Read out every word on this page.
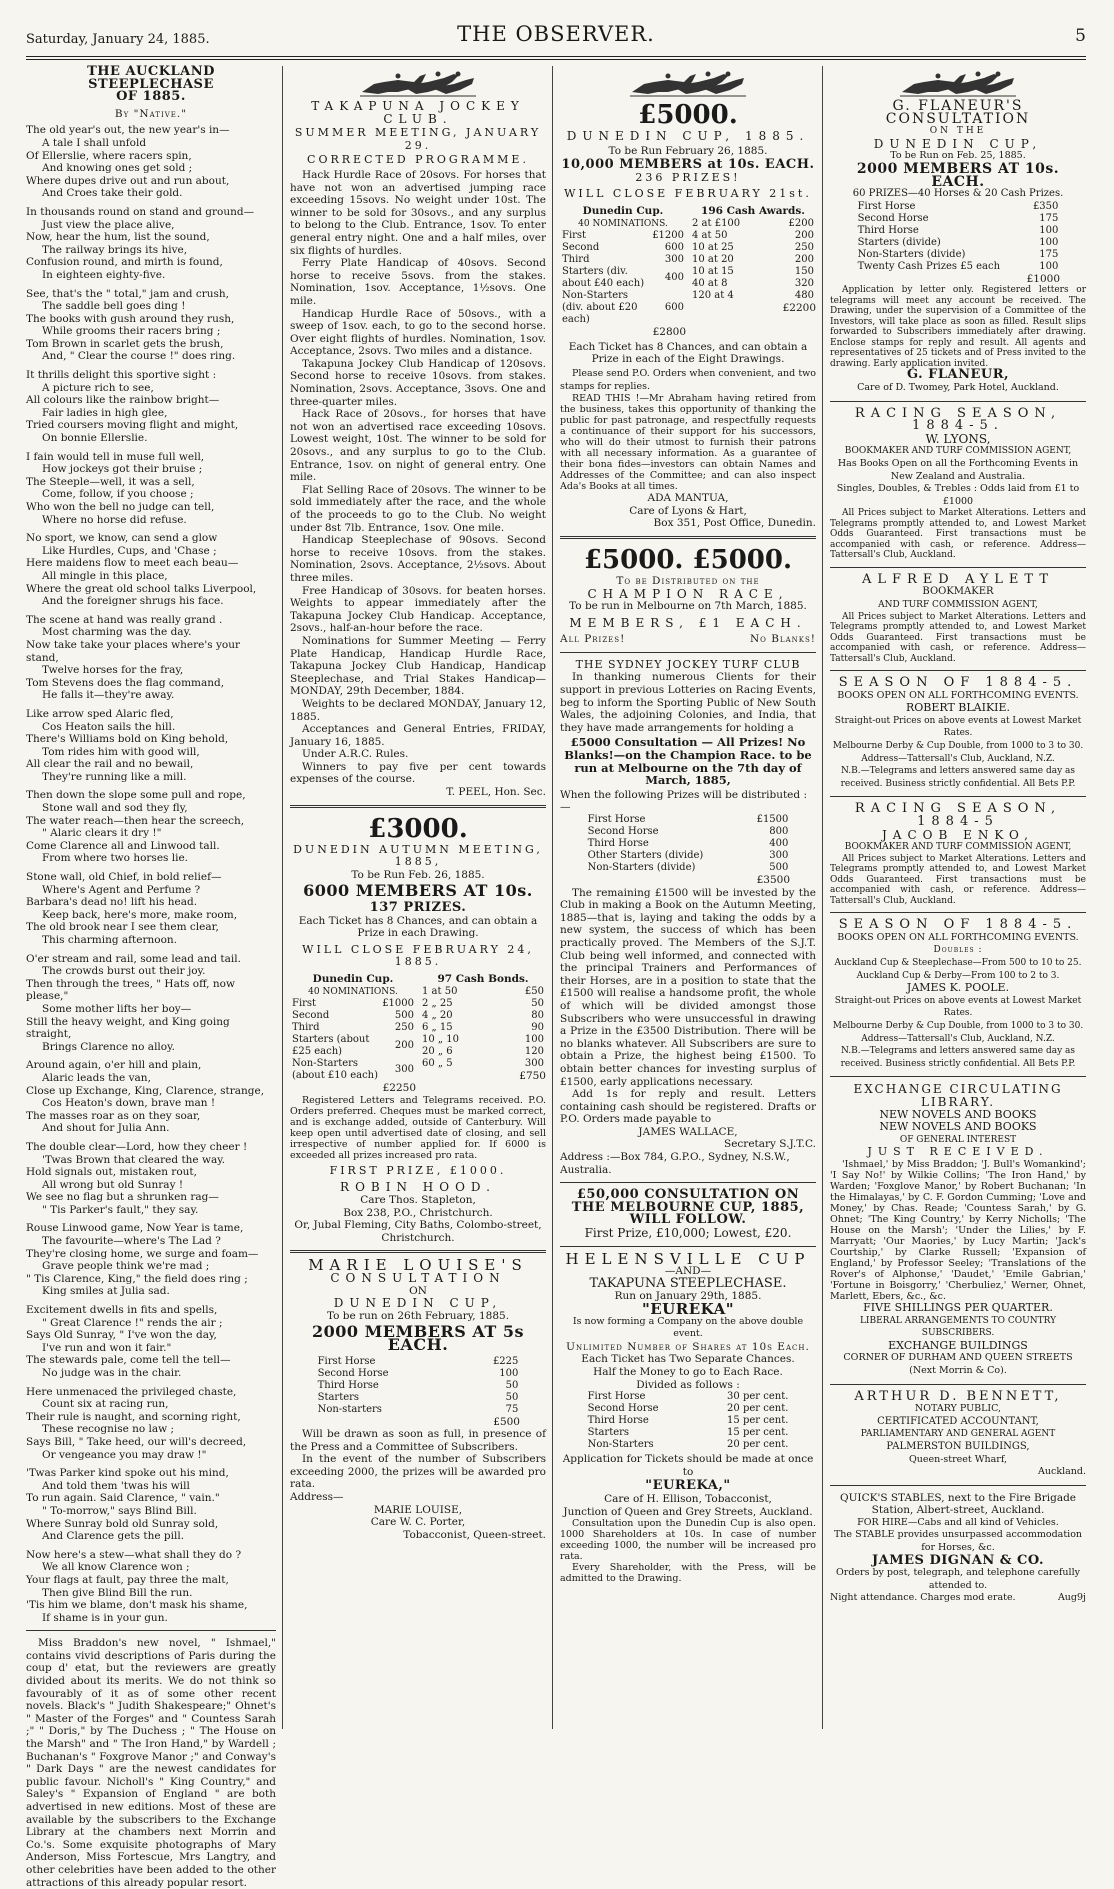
Saturday, January 24, 1885.	THE OBSERVER.	5
THE AUCKLAND STEEPLECHASE
OF 1885.
By "Native."

The old year's out, the new year's in—

A tale I shall unfold

Of Ellerslie, where racers spin,

And knowing ones get sold ;

Where dupes drive out and run about,

And Croes take their gold.

In thousands round on stand and ground—

Just view the place alive,

Now, hear the hum, list the sound,

The railway brings its hive,

Confusion round, and mirth is found,

In eighteen eighty-five.

See, that's the " total," jam and crush,

The saddle bell goes ding !

The books with gush around they rush,

While grooms their racers bring ;

Tom Brown in scarlet gets the brush,

And, " Clear the course !" does ring.

It thrills delight this sportive sight :

A picture rich to see,

All colours like the rainbow bright—

Fair ladies in high glee,

Tried coursers moving flight and might,

On bonnie Ellerslie.

I fain would tell in muse full well,

How jockeys got their bruise ;

The Steeple—well, it was a sell,

Come, follow, if you choose ;

Who won the bell no judge can tell,

Where no horse did refuse.

No sport, we know, can send a glow

Like Hurdles, Cups, and 'Chase ;

Here maidens flow to meet each beau—

All mingle in this place,

Where the great old school talks Liverpool,

And the foreigner shrugs his face.

The scene at hand was really grand .

Most charming was the day.

Now take take your places where's your stand,

Twelve horses for the fray,

Tom Stevens does the flag command,

He falls it—they're away.

Like arrow sped Alaric fled,

Cos Heaton sails the hill.

There's Williams bold on King behold,

Tom rides him with good will,

All clear the rail and no bewail,

They're running like a mill.

Then down the slope some pull and rope,

Stone wall and sod they fly,

The water reach—then hear the screech,

" Alaric clears it dry !"

Come Clarence all and Linwood tall.

From where two horses lie.

Stone wall, old Chief, in bold relief—

Where's Agent and Perfume ?

Barbara's dead no! lift his head.

Keep back, here's more, make room,

The old brook near I see them clear,

This charming afternoon.

O'er stream and rail, some lead and tail.

The crowds burst out their joy.

Then through the trees, " Hats off, now please,"

Some mother lifts her boy—

Still the heavy weight, and King going straight,

Brings Clarence no alloy.

Around again, o'er hill and plain,

Alaric leads the van,

Close up Exchange, King, Clarence, strange,

Cos Heaton's down, brave man !

The masses roar as on they soar,

And shout for Julia Ann.

The double clear—Lord, how they cheer !

'Twas Brown that cleared the way.

Hold signals out, mistaken rout,

All wrong but old Sunray !

We see no flag but a shrunken rag—

" Tis Parker's fault," they say.

Rouse Linwood game, Now Year is tame,

The favourite—where's The Lad ?

They're closing home, we surge and foam—

Grave people think we're mad ;

" Tis Clarence, King," the field does ring ;

King smiles at Julia sad.

Excitement dwells in fits and spells,

" Great Clarence !" rends the air ;

Says Old Sunray, " I've won the day,

I've run and won it fair."

The stewards pale, come tell the tell—

No judge was in the chair.

Here unmenaced the privileged chaste,

Count six at racing run,

Their rule is naught, and scorning right,

These recognise no law ;

Says Bill, " Take heed, our will's decreed,

Or vengeance you may draw !"

'Twas Parker kind spoke out his mind,

And told them 'twas his will

To run again. Said Clarence, " vain."

" To-morrow," says Blind Bill.

Where Sunray bold old Sunray sold,

And Clarence gets the pill.

Now here's a stew—what shall they do ?

We all know Clarence won ;

Your flags at fault, pay three the malt,

Then give Blind Bill the run.

'Tis him we blame, don't mask his shame,

If shame is in your gun.

Miss Braddon's new novel, " Ishmael," contains vivid descriptions of Paris during the coup d' etat, but the reviewers are greatly divided about its merits. We do not think so favourably of it as of some other recent novels. Black's " Judith Shakespeare;" Ohnet's " Master of the Forges" and " Countess Sarah ;" " Doris," by The Duchess ; " The House on the Marsh" and " The Iron Hand," by Wardell ; Buchanan's " Foxgrove Manor ;" and Conway's " Dark Days " are the newest candidates for public favour. Nicholl's " King Country," and Saley's " Expansion of England " are both advertised in new editions. Most of these are available by the subscribers to the Exchange Library at the chambers next Morrin and Co.'s. Some exquisite photographs of Mary Anderson, Miss Fortescue, Mrs Langtry, and other celebrities have been added to the other attractions of this already popular resort.

TAKAPUNA JOCKEY CLUB.
SUMMER MEETING, JANUARY 29.
CORRECTED PROGRAMME.

Hack Hurdle Race of 20sovs. For horses that have not won an advertised jumping race exceeding 15sovs. No weight under 10st. The winner to be sold for 30sovs., and any surplus to belong to the Club. Entrance, 1sov. To enter general entry night. One and a half miles, over six flights of hurdles.

Ferry Plate Handicap of 40sovs. Second horse to receive 5sovs. from the stakes. Nomination, 1sov. Acceptance, 1½sovs. One mile.

Handicap Hurdle Race of 50sovs., with a sweep of 1sov. each, to go to the second horse. Over eight flights of hurdles. Nomination, 1sov. Acceptance, 2sovs. Two miles and a distance.

Takapuna Jockey Club Handicap of 120sovs. Second horse to receive 10sovs. from stakes. Nomination, 2sovs. Acceptance, 3sovs. One and three-quarter miles.

Hack Race of 20sovs., for horses that have not won an advertised race exceeding 10sovs. Lowest weight, 10st. The winner to be sold for 20sovs., and any surplus to go to the Club. Entrance, 1sov. on night of general entry. One mile.

Flat Selling Race of 20sovs. The winner to be sold immediately after the race, and the whole of the proceeds to go to the Club. No weight under 8st 7lb. Entrance, 1sov. One mile.

Handicap Steeplechase of 90sovs. Second horse to receive 10sovs. from the stakes. Nomination, 2sovs. Acceptance, 2½sovs. About three miles.

Free Handicap of 30sovs. for beaten horses. Weights to appear immediately after the Takapuna Jockey Club Handicap. Acceptance, 2sovs., half-an-hour before the race.

Nominations for Summer Meeting — Ferry Plate Handicap, Handicap Hurdle Race, Takapuna Jockey Club Handicap, Handicap Steeplechase, and Trial Stakes Handicap—MONDAY, 29th December, 1884.

Weights to be declared MONDAY, January 12, 1885.

Acceptances and General Entries, FRIDAY, January 16, 1885.

Under A.R.C. Rules.

Winners to pay five per cent towards expenses of the course.

T. PEEL, Hon. Sec.
£3000.
DUNEDIN AUTUMN MEETING, 1885,
To be Run Feb. 26, 1885.
6000 MEMBERS AT 10s.
137 PRIZES.
Each Ticket has 8 Chances, and can obtain a Prize in each Drawing.
WILL CLOSE FEBRUARY 24, 1885.
Dunedin Cup.
40 NOMINATIONS.
First	£1000
Second	500
Third	250
Starters (about £25 each)	200
Non-Starters (about £10 each)	300
£2250
97 Cash Bonds.
1 at 50	£50
2 „ 25	50
4 „ 20	80
6 „ 15	90
10 „ 10	100
20 „ 6	120
60 „ 5	300
£750

Registered Letters and Telegrams received. P.O. Orders preferred. Cheques must be marked correct, and is exchange added, outside of Canterbury. Will keep open until advertised date of closing, and sell irrespective of number applied for. If 6000 is exceeded all prizes increased pro rata.

FIRST PRIZE, £1000.
ROBIN HOOD.
Care Thos. Stapleton,
Box 238, P.O., Christchurch.
Or, Jubal Fleming, City Baths, Colombo-street, Christchurch.
MARIE LOUISE'S
CONSULTATION
ON
DUNEDIN CUP,
To be run on 26th February, 1885.
2000 MEMBERS AT 5s EACH.
First Horse	£225
Second Horse	100
Third Horse	50
Starters	50
Non-starters	75
£500

Will be drawn as soon as full, in presence of the Press and a Committee of Subscribers.

In the event of the number of Subscribers exceeding 2000, the prizes will be awarded pro rata.

Address—
MARIE LOUISE,
Care W. C. Porter,
Tobacconist, Queen-street.
£5000.
DUNEDIN CUP, 1885.
To be Run February 26, 1885.
10,000 MEMBERS at 10s. EACH.
236 PRIZES!
WILL CLOSE FEBRUARY 21st.
Dunedin Cup.
40 NOMINATIONS.
First	£1200
Second	600
Third	300
Starters (div. about £40 each)	400
Non-Starters (div. about £20 each)	600
£2800
196 Cash Awards.
2 at £100	£200
4 at 50	200
10 at 25	250
10 at 20	200
10 at 15	150
40 at 8	320
120 at 4	480
£2200
Each Ticket has 8 Chances, and can obtain a Prize in each of the Eight Drawings.

Please send P.O. Orders when convenient, and two stamps for replies.

READ THIS !—Mr Abraham having retired from the business, takes this opportunity of thanking the public for past patronage, and respectfully requests a continuance of their support for his successors, who will do their utmost to furnish their patrons with all necessary information. As a guarantee of their bona fides—investors can obtain Names and Addresses of the Committee; and can also inspect Ada's Books at all times.

ADA MANTUA,
Care of Lyons & Hart,
Box 351, Post Office, Dunedin.
£5000. £5000.
To be Distributed on the
CHAMPION RACE,
To be run in Melbourne on 7th March, 1885.
MEMBERS, £1 EACH.
All Prizes!	No Blanks!
THE SYDNEY JOCKEY TURF CLUB

In thanking numerous Clients for their support in previous Lotteries on Racing Events, beg to inform the Sporting Public of New South Wales, the adjoining Colonies, and India, that they have made arrangements for holding a

£5000 Consultation — All Prizes! No Blanks!—on the Champion Race. to be run at Melbourne on the 7th day of March, 1885,

When the following Prizes will be distributed :—
First Horse	£1500
Second Horse	800
Third Horse	400
Other Starters (divide)	300
Non-Starters (divide)	500
£3500

The remaining £1500 will be invested by the Club in making a Book on the Autumn Meeting, 1885—that is, laying and taking the odds by a new system, the success of which has been practically proved. The Members of the S.J.T. Club being well informed, and connected with the principal Trainers and Performances of their Horses, are in a position to state that the £1500 will realise a handsome profit, the whole of which will be divided amongst those Subscribers who were unsuccessful in drawing a Prize in the £3500 Distribution. There will be no blanks whatever. All Subscribers are sure to obtain a Prize, the highest being £1500. To obtain better chances for investing surplus of £1500, early applications necessary.

Add 1s for reply and result. Letters containing cash should be registered. Drafts or P.O. Orders made payable to

JAMES WALLACE,
Secretary S.J.T.C.
Address :—Box 784, G.P.O., Sydney, N.S.W., Australia.
£50,000 CONSULTATION ON THE MELBOURNE CUP, 1885, WILL FOLLOW.
First Prize, £10,000; Lowest, £20.
HELENSVILLE CUP
—AND—
TAKAPUNA STEEPLECHASE.
Run on January 29th, 1885.
"EUREKA"
Is now forming a Company on the above double event.
Unlimited Number of Shares at 10s Each.
Each Ticket has Two Separate Chances.
Half the Money to go to Each Race.
Divided as follows :
First Horse	30 per cent.
Second Horse	20 per cent.
Third Horse	15 per cent.
Starters	15 per cent.
Non-Starters	20 per cent.
Application for Tickets should be made at once to
"EUREKA,"
Care of H. Ellison, Tobacconist,
Junction of Queen and Grey Streets, Auckland.

Consultation upon the Dunedin Cup is also open. 1000 Shareholders at 10s. In case of number exceeding 1000, the number will be increased pro rata.

Every Shareholder, with the Press, will be admitted to the Drawing.

G. FLANEUR'S CONSULTATION
ON THE
DUNEDIN CUP,
To be Run on Feb. 25, 1885.
2000 MEMBERS AT 10s. EACH.
60 PRIZES—40 Horses & 20 Cash Prizes.
First Horse	£350
Second Horse	175
Third Horse	100
Starters (divide)	100
Non-Starters (divide)	175
Twenty Cash Prizes £5 each	100
£1000

Application by letter only. Registered letters or telegrams will meet any account be received. The Drawing, under the supervision of a Committee of the Investors, will take place as soon as filled. Result slips forwarded to Subscribers immediately after drawing. Enclose stamps for reply and result. All agents and representatives of 25 tickets and of Press invited to the drawing. Early application invited.

G. FLANEUR,
Care of D. Twomey, Park Hotel, Auckland.
RACING SEASON, 1884-5.
W. LYONS,
BOOKMAKER AND TURF COMMISSION AGENT,
Has Books Open on all the Forthcoming Events in New Zealand and Australia.
Singles, Doubles, & Trebles : Odds laid from £1 to £1000

All Prices subject to Market Alterations. Letters and Telegrams promptly attended to, and Lowest Market Odds Guaranteed. First transactions must be accompanied with cash, or reference. Address—Tattersall's Club, Auckland.

ALFRED AYLETT
BOOKMAKER
AND TURF COMMISSION AGENT,

All Prices subject to Market Alterations. Letters and Telegrams promptly attended to, and Lowest Market Odds Guaranteed. First transactions must be accompanied with cash, or reference. Address—Tattersall's Club, Auckland.

SEASON OF 1884-5.
BOOKS OPEN ON ALL FORTHCOMING EVENTS.
ROBERT BLAIKIE.
Straight-out Prices on above events at Lowest Market Rates.
Melbourne Derby & Cup Double, from 1000 to 3 to 30.
Address—Tattersall's Club, Auckland, N.Z.
N.B.—Telegrams and letters answered same day as received. Business strictly confidential. All Bets P.P.
RACING SEASON, 1884-5
JACOB ENKO,
BOOKMAKER AND TURF COMMISSION AGENT,

All Prices subject to Market Alterations. Letters and Telegrams promptly attended to, and Lowest Market Odds Guaranteed. First transactions must be accompanied with cash, or reference. Address—Tattersall's Club, Auckland.

SEASON OF 1884-5.
BOOKS OPEN ON ALL FORTHCOMING EVENTS.
Doubles :
Auckland Cup & Steeplechase—From 500 to 10 to 25.
Auckland Cup & Derby—From 100 to 2 to 3.
JAMES K. POOLE.
Straight-out Prices on above events at Lowest Market Rates.
Melbourne Derby & Cup Double, from 1000 to 3 to 30.
Address—Tattersall's Club, Auckland, N.Z.
N.B.—Telegrams and letters answered same day as received. Business strictly confidential. All Bets P.P.
EXCHANGE CIRCULATING LIBRARY.
NEW NOVELS AND BOOKS
NEW NOVELS AND BOOKS
OF GENERAL INTEREST
JUST RECEIVED.

'Ishmael,' by Miss Braddon; 'J. Bull's Womankind'; 'I Say No!' by Wilkie Collins; 'The Iron Hand,' by Warden; 'Foxglove Manor,' by Robert Buchanan; 'In the Himalayas,' by C. F. Gordon Cumming; 'Love and Money,' by Chas. Reade; 'Countess Sarah,' by G. Ohnet; 'The King Country,' by Kerry Nicholls; 'The House on the Marsh'; 'Under the Lilies,' by F. Marryatt; 'Our Maories,' by Lucy Martin; 'Jack's Courtship,' by Clarke Russell; 'Expansion of England,' by Professor Seeley; 'Translations of the Rover's of Alphonse,' 'Daudet,' 'Emile Gabrian,' 'Fortune in Boisgorry,' 'Cherbuliez,' Werner, Ohnet, Marlett, Ebers, &c., &c.

FIVE SHILLINGS PER QUARTER.
LIBERAL ARRANGEMENTS TO COUNTRY SUBSCRIBERS.
EXCHANGE BUILDINGS
CORNER OF DURHAM AND QUEEN STREETS
(Next Morrin & Co).
ARTHUR D. BENNETT,
NOTARY PUBLIC,
CERTIFICATED ACCOUNTANT,
PARLIAMENTARY AND GENERAL AGENT
PALMERSTON BUILDINGS,
Queen-street Wharf,
Auckland.
QUICK'S STABLES, next to the Fire Brigade Station, Albert-street, Auckland.
FOR HIRE—Cabs and all kind of Vehicles.
The STABLE provides unsurpassed accommodation for Horses, &c.
JAMES DIGNAN & CO.
Orders by post, telegraph, and telephone carefully attended to.
Night attendance. Charges mod erate.	Aug9j
